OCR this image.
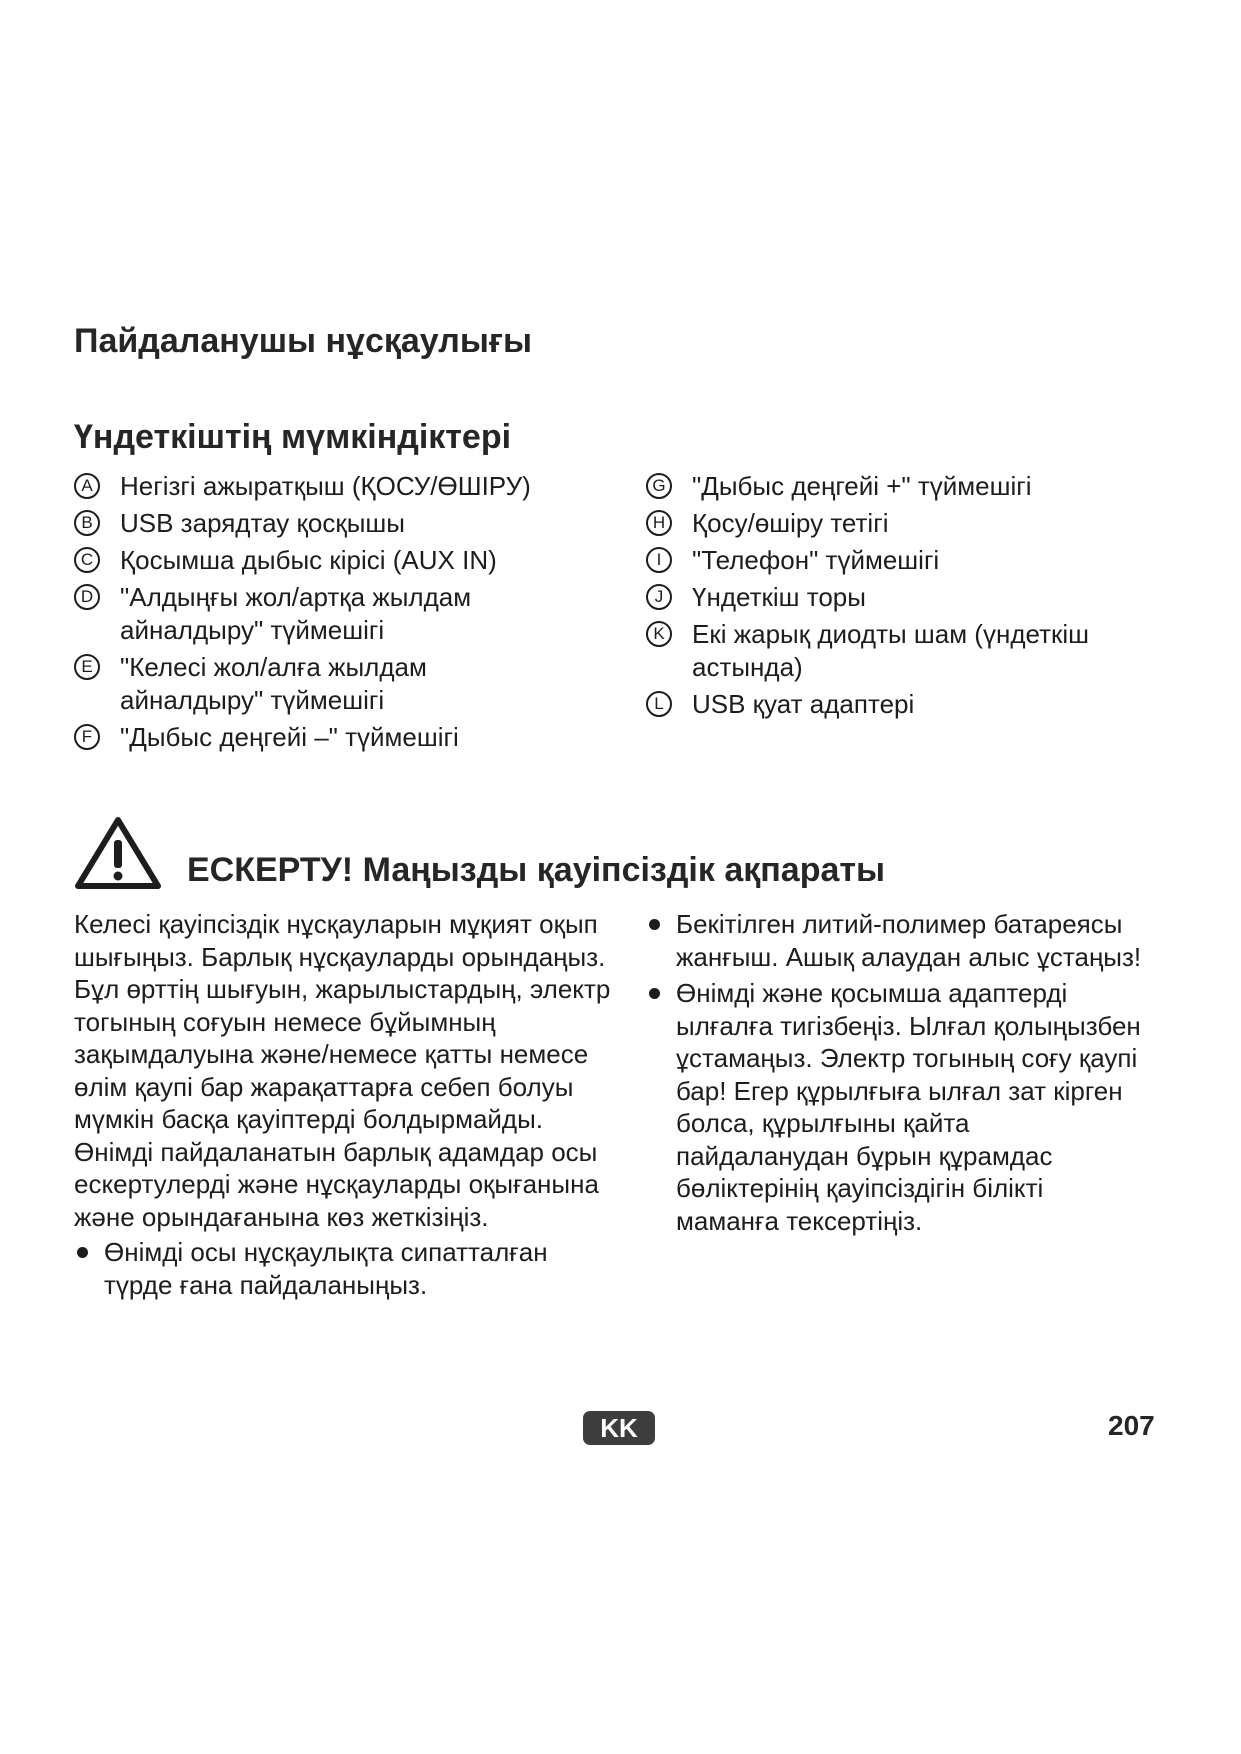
Пайдаланушы нұсқаулығы
Үндеткіштің мүмкіндіктері
A Негізгі ажыратқыш (ҚОСУ/ӨШІРУ)
B USB зарядтау қосқышы
C Қосымша дыбыс кірісі (AUX IN)
D "Алдыңғы жол/артқа жылдам айналдыру" түймешігі
E "Келесі жол/алға жылдам айналдыру" түймешігі
F	"Дыбыс деңгейі –" түймешігі
G "Дыбыс деңгейі +" түймешігі
H Қосу/өшіру тетігі
I	"Телефон" түймешігі
J	Үндеткіш торы
K Екі жарық диодты шам (үндеткіш астында)
L	USB қуат адаптері
ЕСКЕРТУ! Маңызды қауіпсіздік ақпараты

Келесі қауіпсіздік нұсқауларын мұқият оқып шығыңыз. Барлық нұсқауларды орындаңыз. Бұл өрттің шығуын, жарылыстардың, электр тогының соғуын немесе бұйымның зақымдалуына және/немесе қатты немесе өлім қаупі бар жарақаттарға себеп болуы мүмкін басқа қауіптерді болдырмайды. Өнімді пайдаланатын барлық адамдар осы ескертулерді және нұсқауларды оқығанына және орындағанына көз жеткізіңіз.

Өнімді осы нұсқаулықта сипатталған түрде ғана пайдаланыңыз.
Бекітілген литий-полимер батареясы жанғыш. Ашық алаудан алыс ұстаңыз!
Өнімді және қосымша адаптерді ылғалға тигізбеңіз. Ылғал қолыңызбен ұстамаңыз. Электр тогының соғу қаупі бар! Егер құрылғыға ылғал зат кірген болса, құрылғыны қайта пайдаланудан бұрын құрамдас бөліктерінің қауіпсіздігін білікті маманға тексертіңіз.
KK	207
